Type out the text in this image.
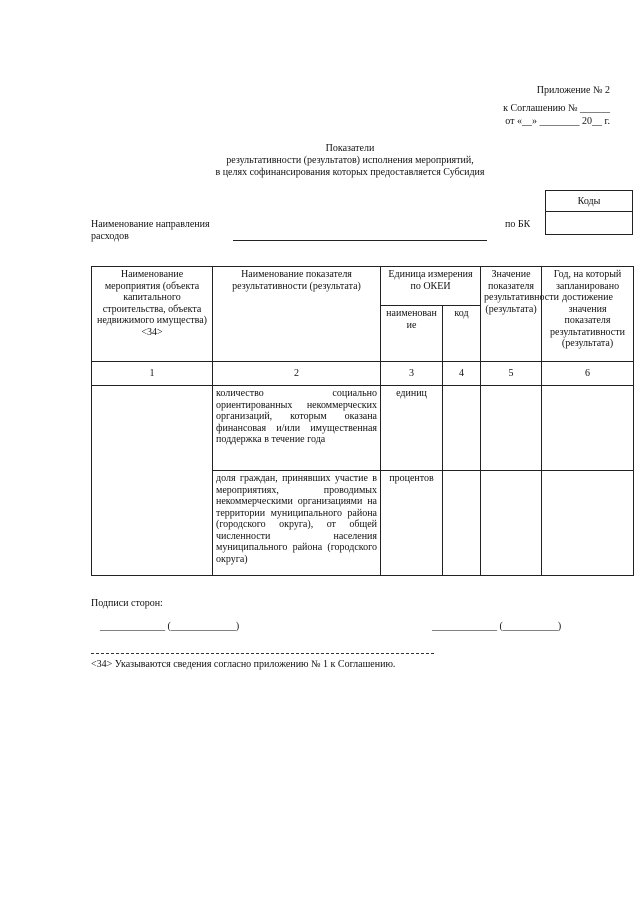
Приложение № 2
к Соглашению № ______
от «__» ________ 20__ г.
Показатели
результативности (результатов) исполнения мероприятий,
в целях софинансирования которых предоставляется Субсидия
Коды

Наименование направления
расходов
по БК
Наименование мероприятия (объекта капитального строительства, объекта недвижимого имущества) <34>	Наименование показателя результативности (результата)	Единица измерения по ОКЕИ		Значение показателя результативности (результата)	Год, на который запланировано достижение значения показателя результативности (результата)
		наименование	код		
1	2	3	4	5	6
	количество социально ориентированных некоммерческих организаций, которым оказана финансовая и/или имущественная поддержка в течение года	единиц			
	доля граждан, принявших участие в мероприятиях, проводимых некоммерческими организациями на территории муниципального района (городского округа), от общей численности населения муниципального района (городского округа)	процентов			
Подписи сторон:
_____________ (_____________)	_____________ (___________)
<34> Указываются сведения согласно приложению № 1 к Соглашению.
